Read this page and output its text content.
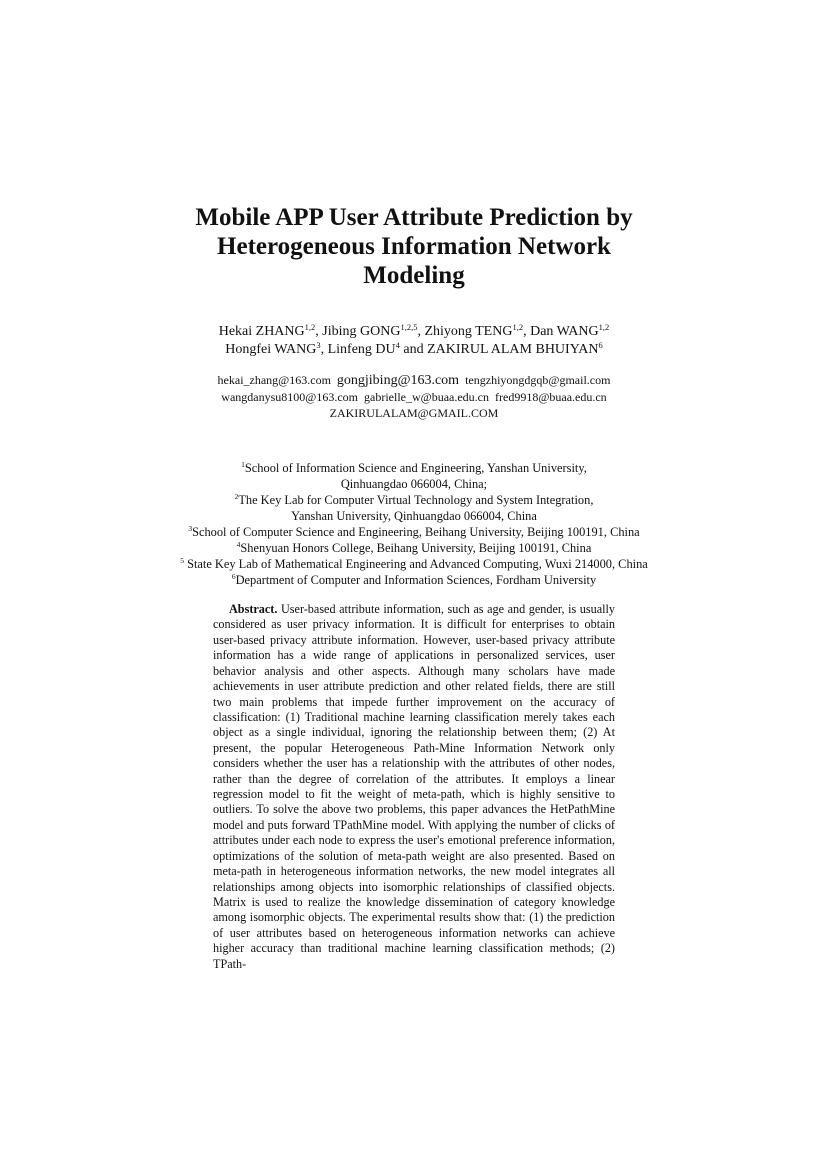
Mobile APP User Attribute Prediction by
Heterogeneous Information Network
Modeling
Hekai ZHANG$^{1,2}$, Jibing GONG$^{1,2,5}$, Zhiyong TENG$^{1,2}$, Dan WANG$^{1,2}$
Hongfei WANG$^3$, Linfeng $DU^4$ and ZAKIRUL ALAM BHUIYAN$^6$
hekai_zhang@163.com gongjibing@163.com tengzhiyongdgqb@gmail.com
wangdanysu8100@163.com gabrielle_w@buaa.edu.cn fred9918@buaa.edu.cn
ZAKIRULALAM@GMAIL.COM
$^1$School of Information Science and Engineering, Yanshan University,
Qinhuangdao 066004, China;
$^2$The Key Lab for Computer Virtual Technology and System Integration,
Yanshan University, Qinhuangdao 066004, China
$^3$School of Computer Science and Engineering, Beihang University, Beijing 100191, China
$^4$Shenyuan Honors College, Beihang University, Beijing 100191, China
$^5$ State Key Lab of Mathematical Engineering and Advanced Computing, Wuxi 214000, China
$^6$Department of Computer and Information Sciences, Fordham University

Abstract. User-based attribute information, such as age and gender, is usually considered as user privacy information. It is difficult for enterprises to obtain user-based privacy attribute information. However, user-based privacy attribute information has a wide range of applications in personalized services, user behavior analysis and other aspects. Although many scholars have made achievements in user attribute prediction and other related fields, there are still two main problems that impede further improvement on the accuracy of classification: (1) Traditional machine learning classification merely takes each object as a single individual, ignoring the relationship between them; (2) At present, the popular Heterogeneous Path-Mine Information Network only considers whether the user has a relationship with the attributes of other nodes, rather than the degree of correlation of the attributes. It employs a linear regression model to fit the weight of meta-path, which is highly sensitive to outliers. To solve the above two problems, this paper advances the HetPathMine model and puts forward TPathMine model. With applying the number of clicks of attributes under each node to express the user's emotional preference information, optimizations of the solution of meta-path weight are also presented. Based on meta-path in heterogeneous information networks, the new model integrates all relationships among objects into isomorphic relationships of classified objects. Matrix is used to realize the knowledge dissemination of category knowledge among isomorphic objects. The experimental results show that: (1) the prediction of user attributes based on heterogeneous information networks can achieve higher accuracy than traditional machine learning classification methods; (2) TPath-
